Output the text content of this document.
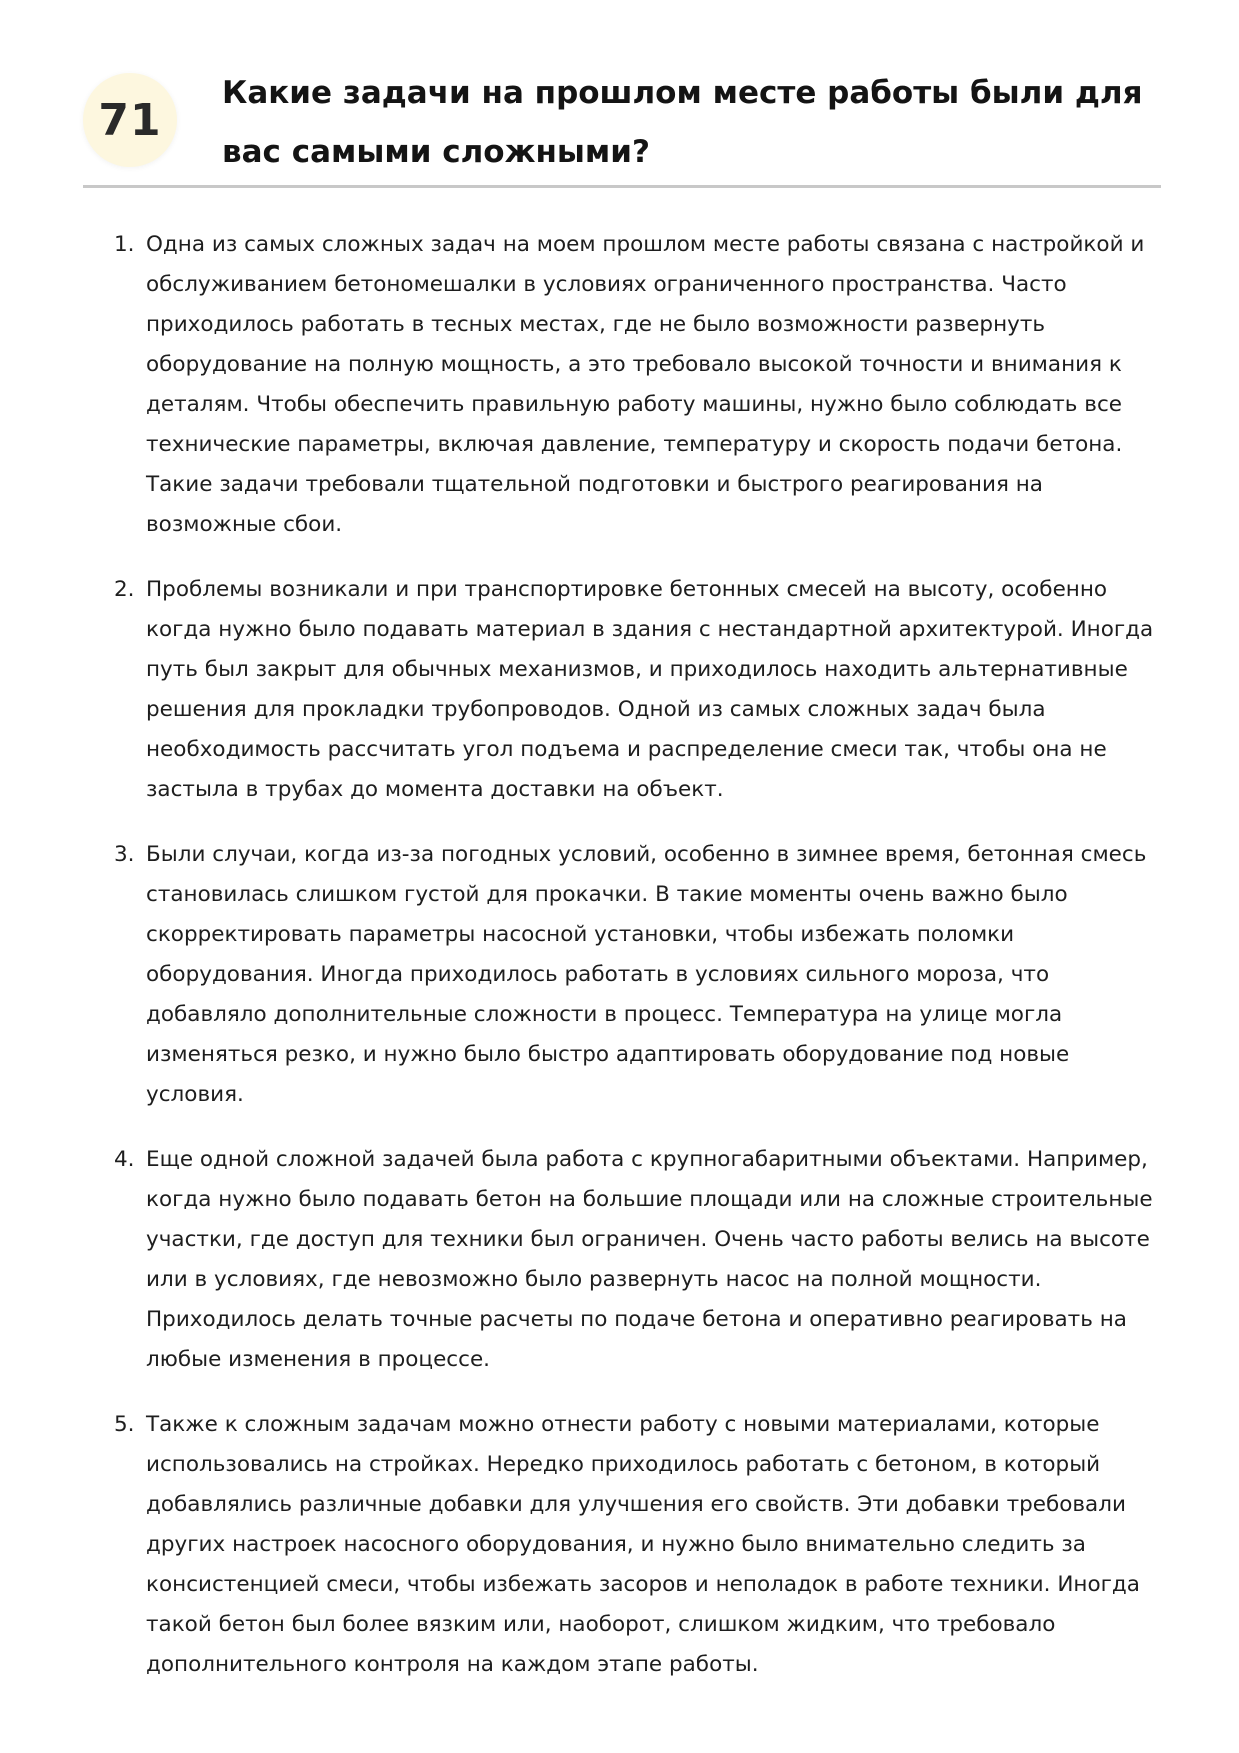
71
Какие задачи на прошлом месте работы были для вас самыми сложными?
1. Одна из самых сложных задач на моем прошлом месте работы связана с настройкой и обслуживанием бетономешалки в условиях ограниченного пространства. Часто приходилось работать в тесных местах, где не было возможности развернуть оборудование на полную мощность, а это требовало высокой точности и внимания к деталям. Чтобы обеспечить правильную работу машины, нужно было соблюдать все технические параметры, включая давление, температуру и скорость подачи бетона. Такие задачи требовали тщательной подготовки и быстрого реагирования на возможные сбои.
2. Проблемы возникали и при транспортировке бетонных смесей на высоту, особенно когда нужно было подавать материал в здания с нестандартной архитектурой. Иногда путь был закрыт для обычных механизмов, и приходилось находить альтернативные решения для прокладки трубопроводов. Одной из самых сложных задач была необходимость рассчитать угол подъема и распределение смеси так, чтобы она не застыла в трубах до момента доставки на объект.
3. Были случаи, когда из-за погодных условий, особенно в зимнее время, бетонная смесь становилась слишком густой для прокачки. В такие моменты очень важно было скорректировать параметры насосной установки, чтобы избежать поломки оборудования. Иногда приходилось работать в условиях сильного мороза, что добавляло дополнительные сложности в процесс. Температура на улице могла изменяться резко, и нужно было быстро адаптировать оборудование под новые условия.
4. Еще одной сложной задачей была работа с крупногабаритными объектами. Например, когда нужно было подавать бетон на большие площади или на сложные строительные участки, где доступ для техники был ограничен. Очень часто работы велись на высоте или в условиях, где невозможно было развернуть насос на полной мощности. Приходилось делать точные расчеты по подаче бетона и оперативно реагировать на любые изменения в процессе.
5. Также к сложным задачам можно отнести работу с новыми материалами, которые использовались на стройках. Нередко приходилось работать с бетоном, в который добавлялись различные добавки для улучшения его свойств. Эти добавки требовали других настроек насосного оборудования, и нужно было внимательно следить за консистенцией смеси, чтобы избежать засоров и неполадок в работе техники. Иногда такой бетон был более вязким или, наоборот, слишком жидким, что требовало дополнительного контроля на каждом этапе работы.
